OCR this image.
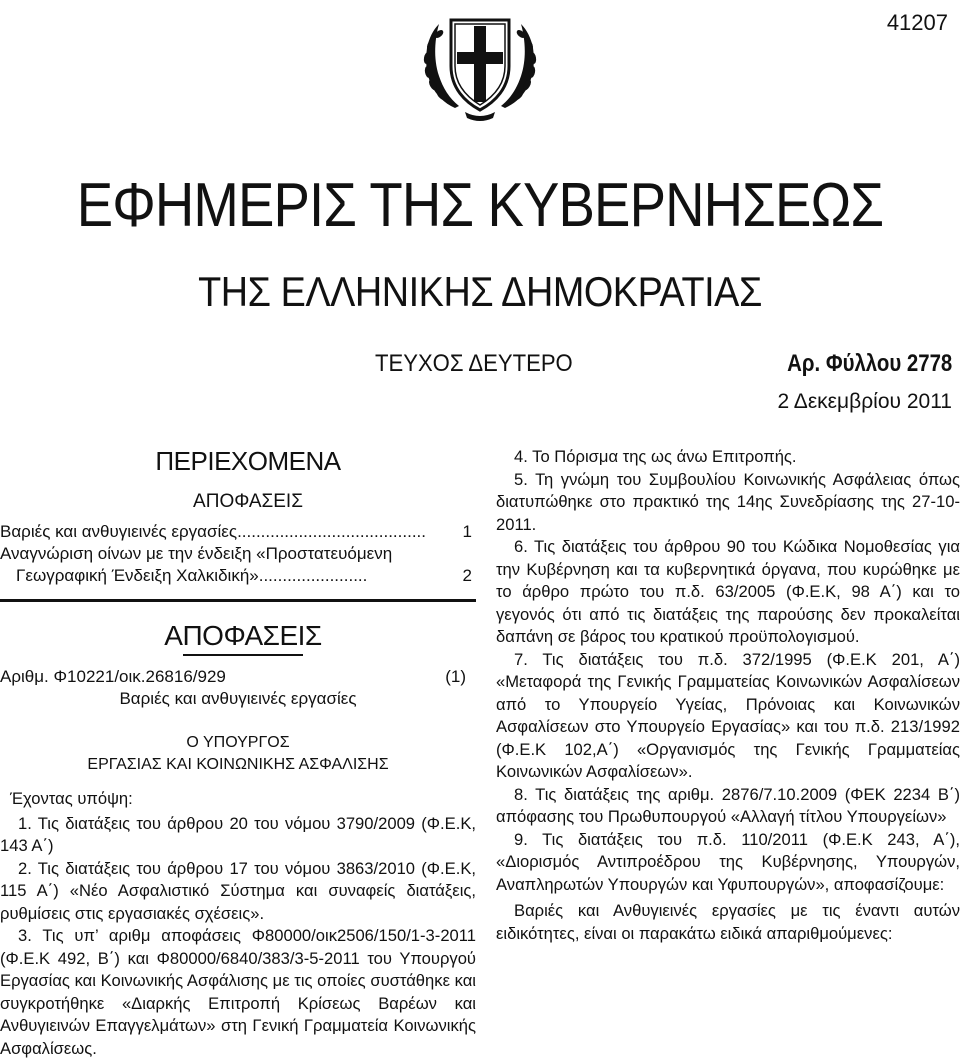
41207
ΕΦΗΜΕΡΙΣ ΤΗΣ ΚΥΒΕΡΝΗΣΕΩΣ
ΤΗΣ ΕΛΛΗΝΙΚΗΣ ΔΗΜΟΚΡΑΤΙΑΣ
ΤΕΥΧΟΣ ΔΕΥΤΕΡΟ	Αρ. Φύλλου 2778
2 Δεκεμβρίου 2011
ΠΕΡΙΕΧΟΜΕΝΑ
ΑΠΟΦΑΣΕΙΣ
Βαριές και ανθυγιεινές εργασίες ........................................	1
Αναγνώριση οίνων με την ένδειξη «Προστατευόμενη
Γεωγραφική Ένδειξη Χαλκιδική» .......................	2
ΑΠΟΦΑΣΕΙΣ
Αριθμ. Φ10221/οικ.26816/929	(1)
Βαριές και ανθυγιεινές εργασίες
Ο ΥΠΟΥΡΓΟΣ
ΕΡΓΑΣΙΑΣ ΚΑΙ ΚΟΙΝΩΝΙΚΗΣ ΑΣΦΑΛΙΣΗΣ
Έχοντας υπόψη:
1. Τις διατάξεις του άρθρου 20 του νόμου 3790/2009 (Φ.Ε.Κ, 143 Α΄)
2. Τις διατάξεις του άρθρου 17 του νόμου 3863/2010 (Φ.Ε.Κ, 115 Α΄) «Νέο Ασφαλιστικό Σύστημα και συναφείς διατάξεις, ρυθμίσεις στις εργασιακές σχέσεις».
3. Τις υπ’ αριθμ αποφάσεις Φ80000/οικ2506/150/1-3-2011 (Φ.Ε.Κ 492, Β΄) και Φ80000/6840/383/3-5-2011 του Υπουργού Εργασίας και Κοινωνικής Ασφάλισης με τις οποίες συστάθηκε και συγκροτήθηκε «Διαρκής Επιτροπή Κρίσεως Βαρέων και Ανθυγιεινών Επαγγελμάτων» στη Γενική Γραμματεία Κοινωνικής Ασφαλίσεως.
4. Το Πόρισμα της ως άνω Επιτροπής.
5. Τη γνώμη του Συμβουλίου Κοινωνικής Ασφάλειας όπως διατυπώθηκε στο πρακτικό της 14ης Συνεδρίασης της 27-10-2011.
6. Τις διατάξεις του άρθρου 90 του Κώδικα Νομοθεσίας για την Κυβέρνηση και τα κυβερνητικά όργανα, που κυρώθηκε με το άρθρο πρώτο του π.δ. 63/2005 (Φ.Ε.Κ, 98 Α΄) και το γεγονός ότι από τις διατάξεις της παρούσης δεν προκαλείται δαπάνη σε βάρος του κρατικού προϋπολογισμού.
7. Τις διατάξεις του π.δ. 372/1995 (Φ.Ε.Κ 201, Α΄) «Μεταφορά της Γενικής Γραμματείας Κοινωνικών Ασφαλίσεων από το Υπουργείο Υγείας, Πρόνοιας και Κοινωνικών Ασφαλίσεων στο Υπουργείο Εργασίας» και του π.δ. 213/1992 (Φ.Ε.Κ 102,Α΄) «Οργανισμός της Γενικής Γραμματείας Κοινωνικών Ασφαλίσεων».
8. Τις διατάξεις της αριθμ. 2876/7.10.2009 (ΦΕΚ 2234 Β΄) απόφασης του Πρωθυπουργού «Αλλαγή τίτλου Υπουργείων»
9. Τις διατάξεις του π.δ. 110/2011 (Φ.Ε.Κ 243, Α΄), «Διορισμός Αντιπροέδρου της Κυβέρνησης, Υπουργών, Αναπληρωτών Υπουργών και Υφυπουργών», αποφασίζουμε:
Βαριές και Ανθυγιεινές εργασίες με τις έναντι αυτών ειδικότητες, είναι οι παρακάτω ειδικά απαριθμούμενες:
